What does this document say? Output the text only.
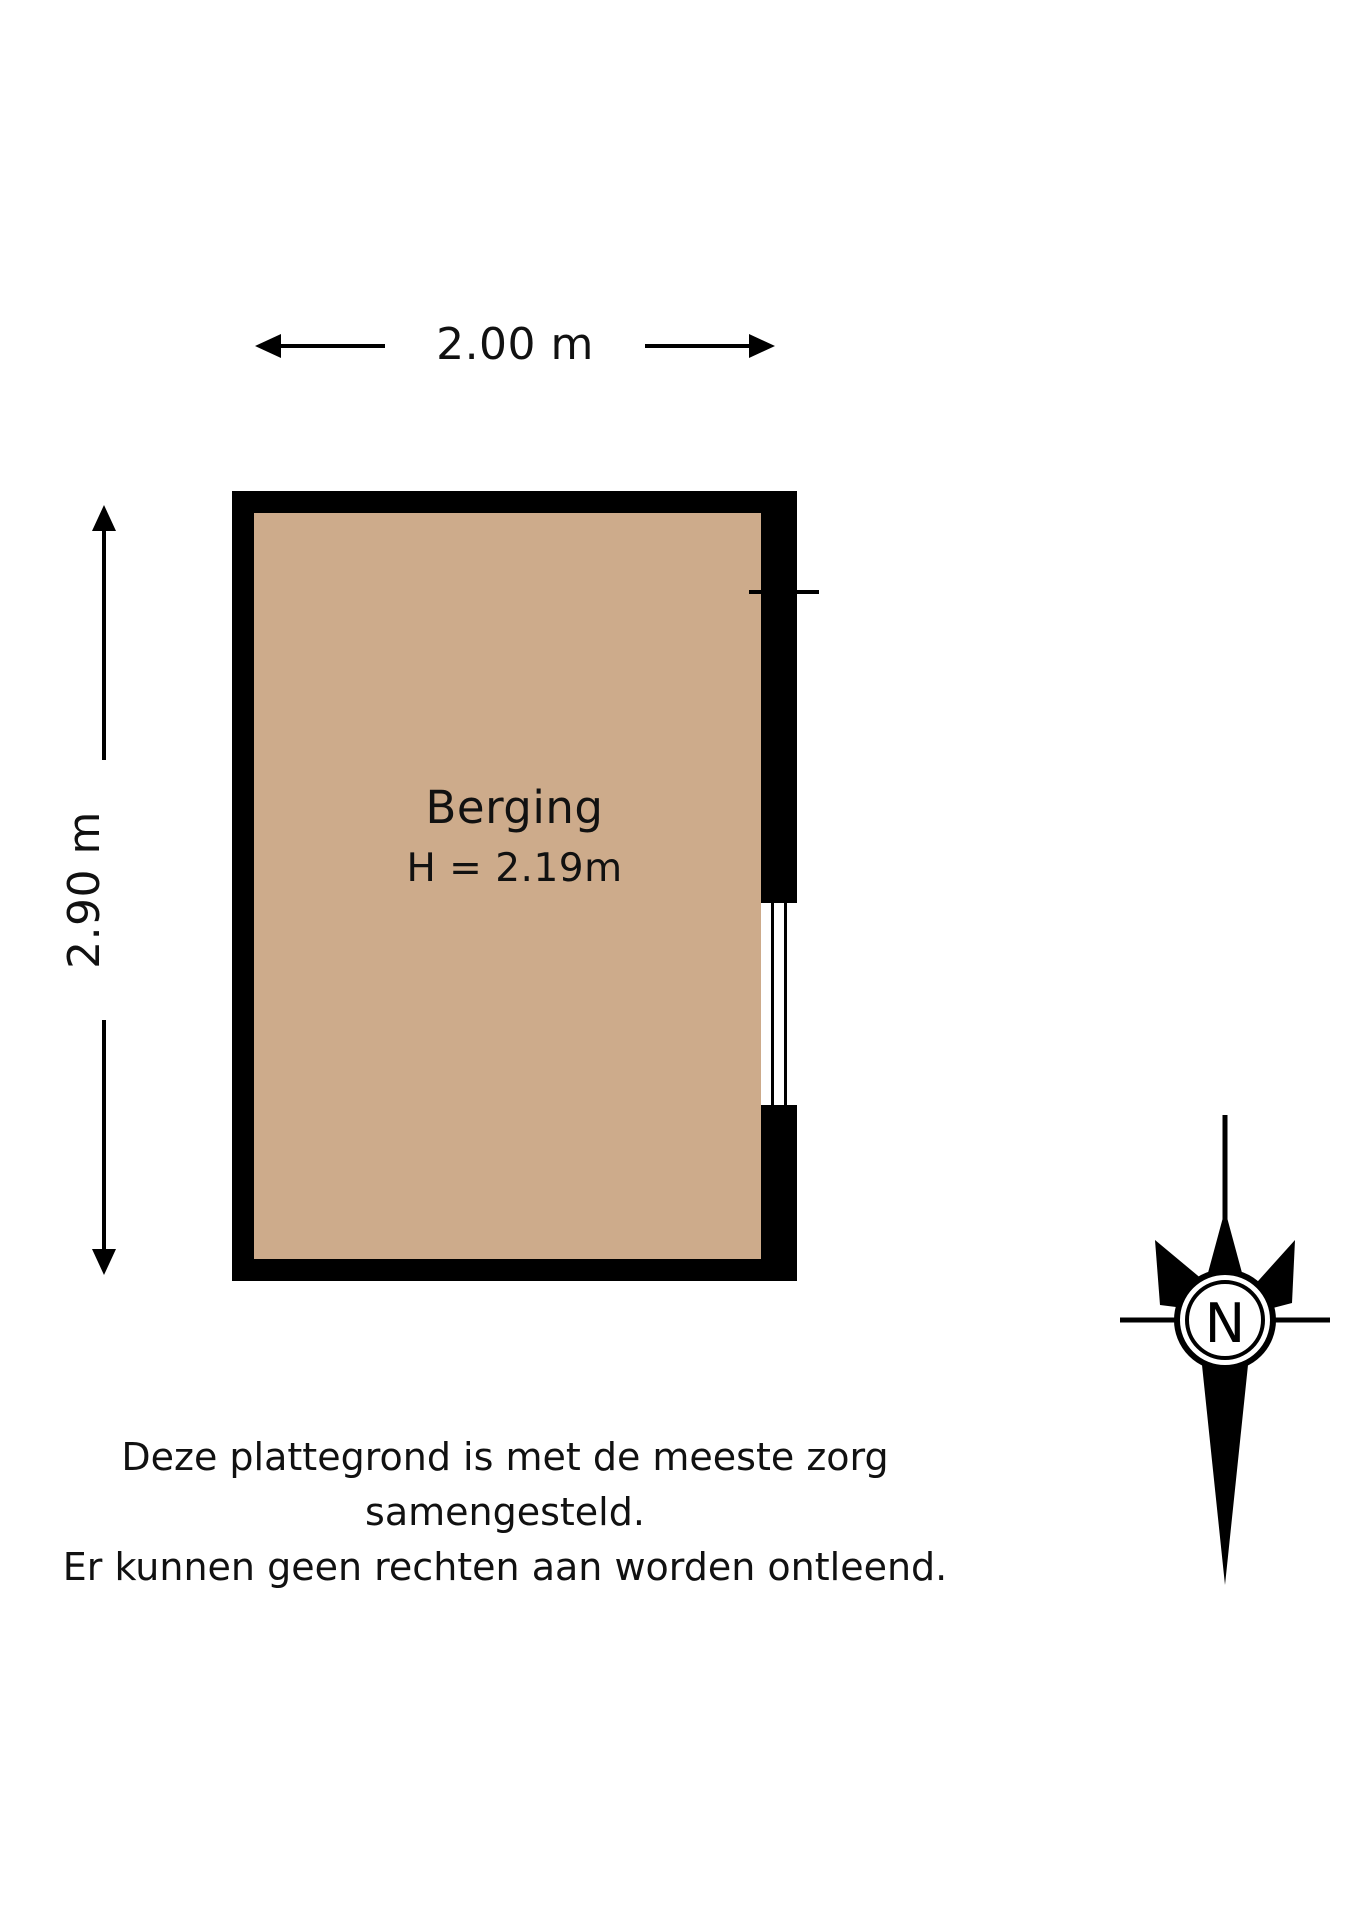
2.00 m
2.90 m
Berging
H = 2.19m
N
Deze plattegrond is met de meeste zorg samengesteld.
Er kunnen geen rechten aan worden ontleend.
